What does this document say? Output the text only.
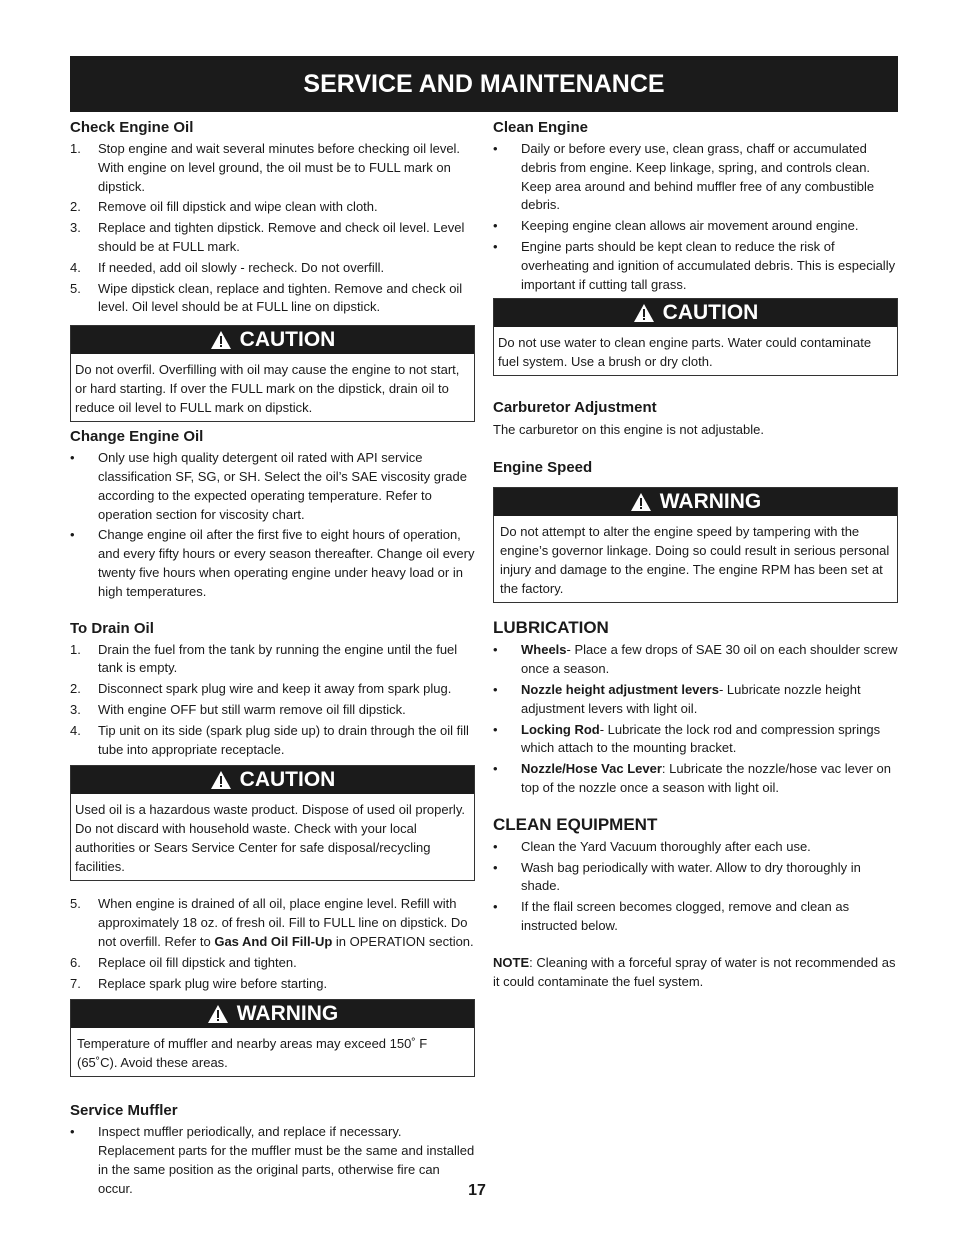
SERVICE AND MAINTENANCE
Check Engine Oil
1. Stop engine and wait several minutes before checking oil level. With engine on level ground, the oil must be to FULL mark on dipstick.
2. Remove oil fill dipstick and wipe clean with cloth.
3. Replace and tighten dipstick. Remove and check oil level. Level should be at FULL mark.
4. If needed, add oil slowly - recheck. Do not overfill.
5. Wipe dipstick clean, replace and tighten. Remove and check oil level. Oil level should be at FULL line on dipstick.
CAUTION
Do not overfil. Overfilling with oil may cause the engine to not start, or hard starting. If over the FULL mark on the dipstick, drain oil to reduce oil level to FULL mark on dipstick.
Change Engine Oil
• Only use high quality detergent oil rated with API service classification SF, SG, or SH. Select the oil’s SAE viscosity grade according to the expected operating temperature. Refer to operation section for viscosity chart.
• Change engine oil after the first five to eight hours of operation, and every fifty hours or every season thereafter. Change oil every twenty five hours when operating engine under heavy load or in high temperatures.
To Drain Oil
1. Drain the fuel from the tank by running the engine until the fuel tank is empty.
2. Disconnect spark plug wire and keep it away from spark plug.
3. With engine OFF but still warm remove oil fill dipstick.
4. Tip unit on its side (spark plug side up) to drain through the oil fill tube into appropriate receptacle.
CAUTION
Used oil is a hazardous waste product. Dispose of used oil properly. Do not discard with household waste. Check with your local authorities or Sears Service Center for safe disposal/recycling facilities.
5. When engine is drained of all oil, place engine level. Refill with approximately 18 oz. of fresh oil. Fill to FULL line on dipstick. Do not overfill. Refer to Gas And Oil Fill-Up in OPERATION section.
6. Replace oil fill dipstick and tighten.
7. Replace spark plug wire before starting.
WARNING
Temperature of muffler and nearby areas may exceed 150˚ F (65˚C). Avoid these areas.
Service Muffler
• Inspect muffler periodically, and replace if necessary. Replacement parts for the muffler must be the same and installed in the same position as the original parts, otherwise fire can occur.
Clean Engine
• Daily or before every use, clean grass, chaff or accumulated debris from engine. Keep linkage, spring, and controls clean. Keep area around and behind muffler free of any combustible debris.
• Keeping engine clean allows air movement around engine.
• Engine parts should be kept clean to reduce the risk of overheating and ignition of accumulated debris. This is especially important if cutting tall grass.
CAUTION
Do not use water to clean engine parts. Water could contaminate fuel system. Use a brush or dry cloth.
Carburetor Adjustment

The carburetor on this engine is not adjustable.

Engine Speed
WARNING
Do not attempt to alter the engine speed by tampering with the engine’s governor linkage. Doing so could result in serious personal injury and damage to the engine. The engine RPM has been set at the factory.
LUBRICATION
• Wheels- Place a few drops of SAE 30 oil on each shoulder screw once a season.
• Nozzle height adjustment levers- Lubricate nozzle height adjustment levers with light oil.
• Locking Rod- Lubricate the lock rod and compression springs which attach to the mounting bracket.
• Nozzle/Hose Vac Lever: Lubricate the nozzle/hose vac lever on top of the nozzle once a season with light oil.
CLEAN EQUIPMENT
• Clean the Yard Vacuum thoroughly after each use.
• Wash bag periodically with water. Allow to dry thoroughly in shade.
• If the flail screen becomes clogged, remove and clean as instructed below.

NOTE: Cleaning with a forceful spray of water is not recommended as it could contaminate the fuel system.

17
